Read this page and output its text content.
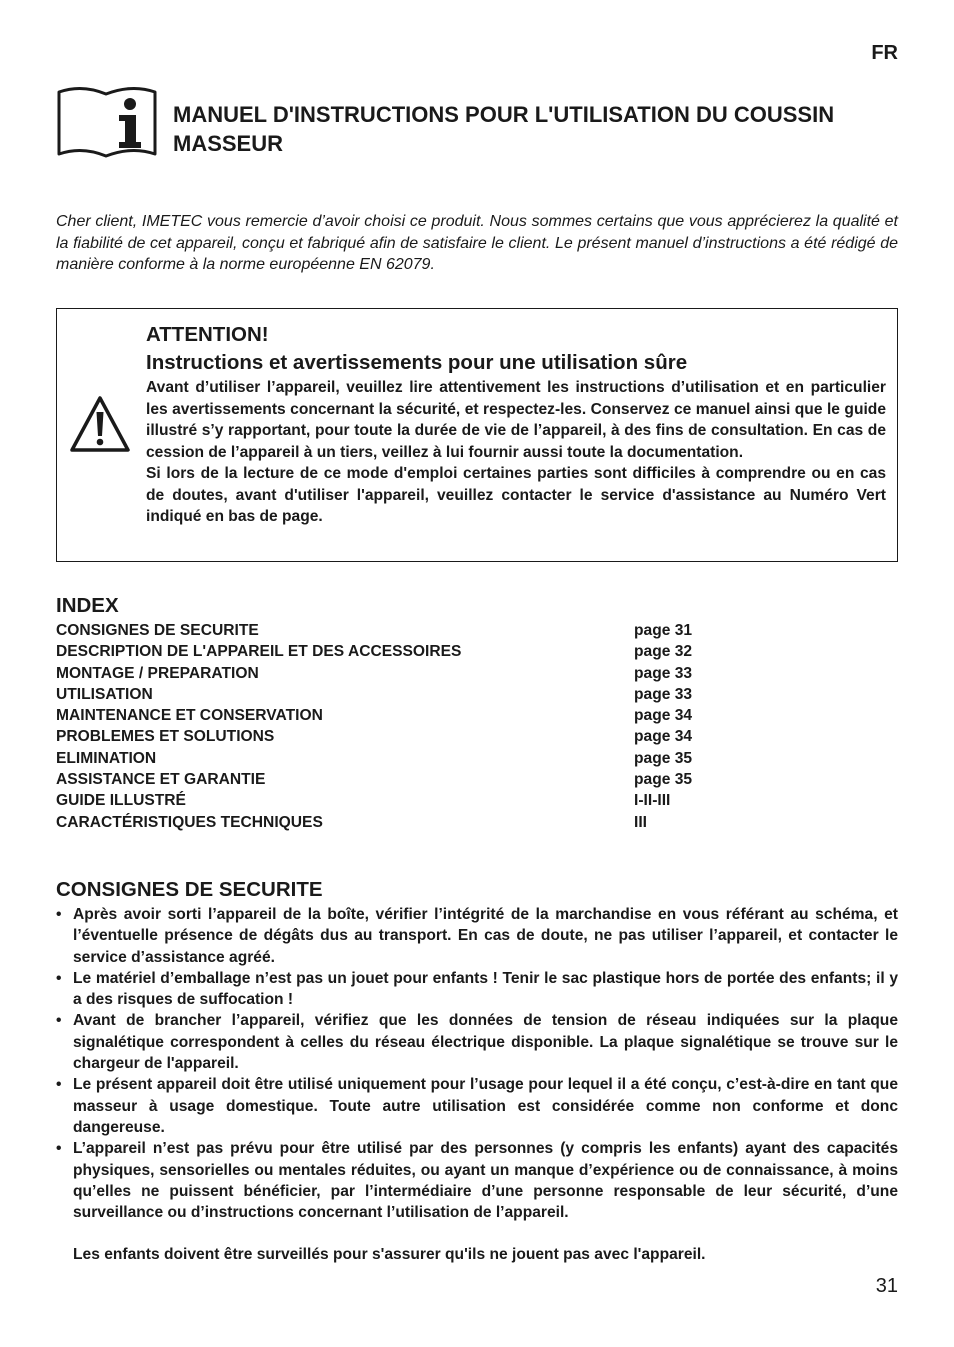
FR
MANUEL D'INSTRUCTIONS POUR L'UTILISATION DU COUSSIN MASSEUR
Cher client, IMETEC vous remercie d’avoir choisi ce produit. Nous sommes certains que vous apprécierez la qualité et la fiabilité de cet appareil, conçu et fabriqué afin de satisfaire le client. Le présent manuel d’instructions a été rédigé de manière conforme à la norme européenne EN 62079.
ATTENTION!
Instructions et avertissements pour une utilisation sûre
Avant d’utiliser l’appareil, veuillez lire attentivement les instructions d’utilisation et en particulier les avertissements concernant la sécurité, et respectez-les. Conservez ce manuel ainsi que le guide illustré s’y rapportant, pour toute la durée de vie de l’appareil, à des fins de consultation. En cas de cession de l’appareil à un tiers, veillez à lui fournir aussi toute la documentation.
Si lors de la lecture de ce mode d'emploi certaines parties sont difficiles à comprendre ou en cas de doutes, avant d'utiliser l'appareil, veuillez contacter le service d'assistance au Numéro Vert indiqué en bas de page.
INDEX
CONSIGNES DE SECURITE	page 31
DESCRIPTION DE L'APPAREIL ET DES ACCESSOIRES	page 32
MONTAGE / PREPARATION	page 33
UTILISATION	page 33
MAINTENANCE ET CONSERVATION	page 34
PROBLEMES ET SOLUTIONS	page 34
ELIMINATION	page 35
ASSISTANCE ET GARANTIE	page 35
GUIDE ILLUSTRÉ	I-II-III
CARACTÉRISTIQUES TECHNIQUES	III
CONSIGNES DE SECURITE
• Après avoir sorti l’appareil de la boîte, vérifier l’intégrité de la marchandise en vous référant au schéma, et l’éventuelle présence de dégâts dus au transport. En cas de doute, ne pas utiliser l’appareil, et contacter le service d’assistance agréé.
• Le matériel d’emballage n’est pas un jouet pour enfants ! Tenir le sac plastique hors de portée des enfants; il y a des risques de suffocation !
• Avant de brancher l’appareil, vérifiez que les données de tension de réseau indiquées sur la plaque signalétique correspondent à celles du réseau électrique disponible. La plaque signalétique se trouve sur le chargeur de l'appareil.
• Le présent appareil doit être utilisé uniquement pour l’usage pour lequel il a été conçu, c’est-à-dire en tant que masseur à usage domestique. Toute autre utilisation est considérée comme non conforme et donc dangereuse.
• L’appareil n’est pas prévu pour être utilisé par des personnes (y compris les enfants) ayant des capacités physiques, sensorielles ou mentales réduites, ou ayant un manque d’expérience ou de connaissance, à moins qu’elles ne puissent bénéficier, par l’intermédiaire d’une personne responsable de leur sécurité, d’une surveillance ou d’instructions concernant l’utilisation de l’appareil.
Les enfants doivent être surveillés pour s'assurer qu'ils ne jouent pas avec l'appareil.
31
